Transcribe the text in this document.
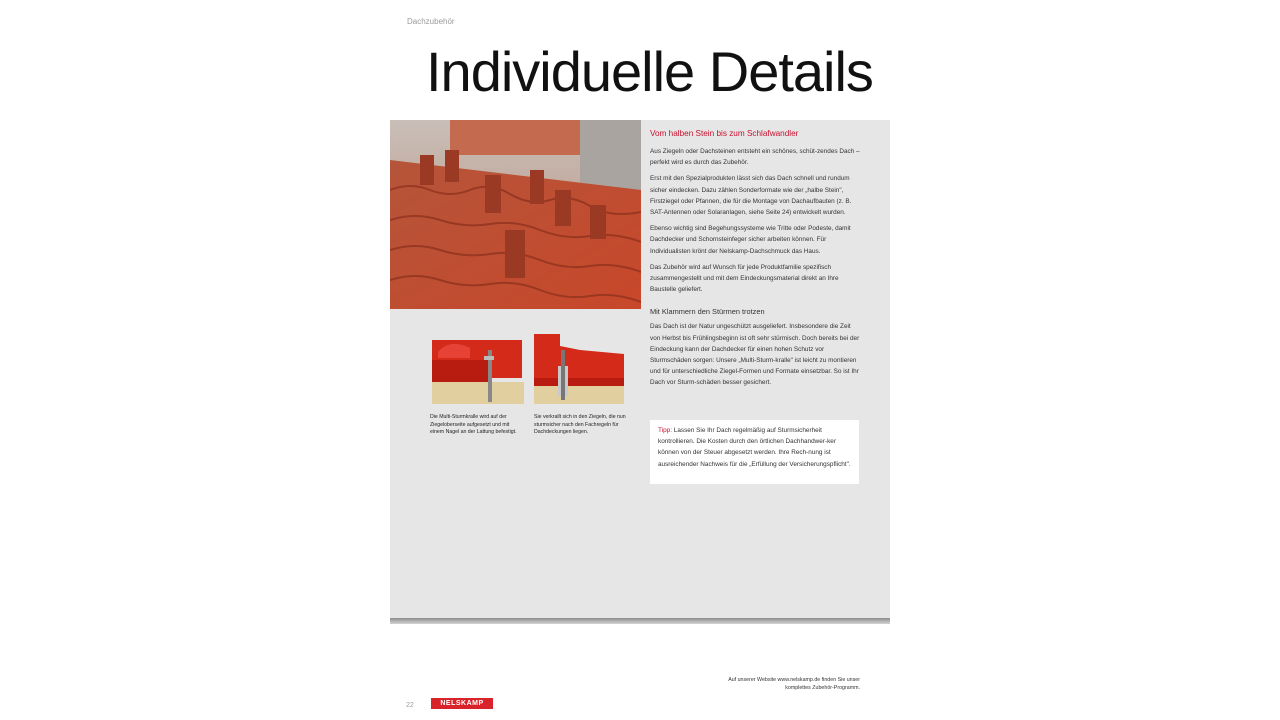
Dachzubehör
Individuelle Details
Vom halben Stein bis zum Schlafwandler

Aus Ziegeln oder Dachsteinen entsteht ein schönes, schüt-zendes Dach – perfekt wird es durch das Zubehör.

Erst mit den Spezialprodukten lässt sich das Dach schnell und rundum sicher eindecken. Dazu zählen Sonderformate wie der „halbe Stein", Firstziegel oder Pfannen, die für die Montage von Dachaufbauten (z. B. SAT-Antennen oder Solaranlagen, siehe Seite 24) entwickelt wurden.

Ebenso wichtig sind Begehungssysteme wie Tritte oder Podeste, damit Dachdecker und Schornsteinfeger sicher arbeiten können. Für Individualisten krönt der Nelskamp-Dachschmuck das Haus.

Das Zubehör wird auf Wunsch für jede Produktfamilie spezifisch zusammengestellt und mit dem Eindeckungsmaterial direkt an Ihre Baustelle geliefert.

Mit Klammern den Stürmen trotzen

Das Dach ist der Natur ungeschützt ausgeliefert. Insbesondere die Zeit von Herbst bis Frühlingsbeginn ist oft sehr stürmisch. Doch bereits bei der Eindeckung kann der Dachdecker für einen hohen Schutz vor Sturmschäden sorgen: Unsere „Multi-Sturm-kralle" ist leicht zu montieren und für unterschiedliche Ziegel-Formen und Formate einsetzbar. So ist Ihr Dach vor Sturm-schäden besser gesichert.

Tipp: Lassen Sie Ihr Dach regelmäßig auf Sturmsicherheit kontrollieren. Die Kosten durch den örtlichen Dachhandwer-ker können von der Steuer abgesetzt werden. Ihre Rech-nung ist ausreichender Nachweis für die „Erfüllung der Versicherungspflicht".
Die Multi-Sturmkralle wird auf der Ziegeloberseite aufgesetzt und mit einem Nagel an der Lattung befestigt.
Sie verkrallt sich in den Ziegeln, die nun sturmsicher nach den Fachregeln für Dachdeckungen liegen.
Auf unserer Website www.nelskamp.de finden Sie unser komplettes Zubehör-Programm.
22	NELSKAMP
